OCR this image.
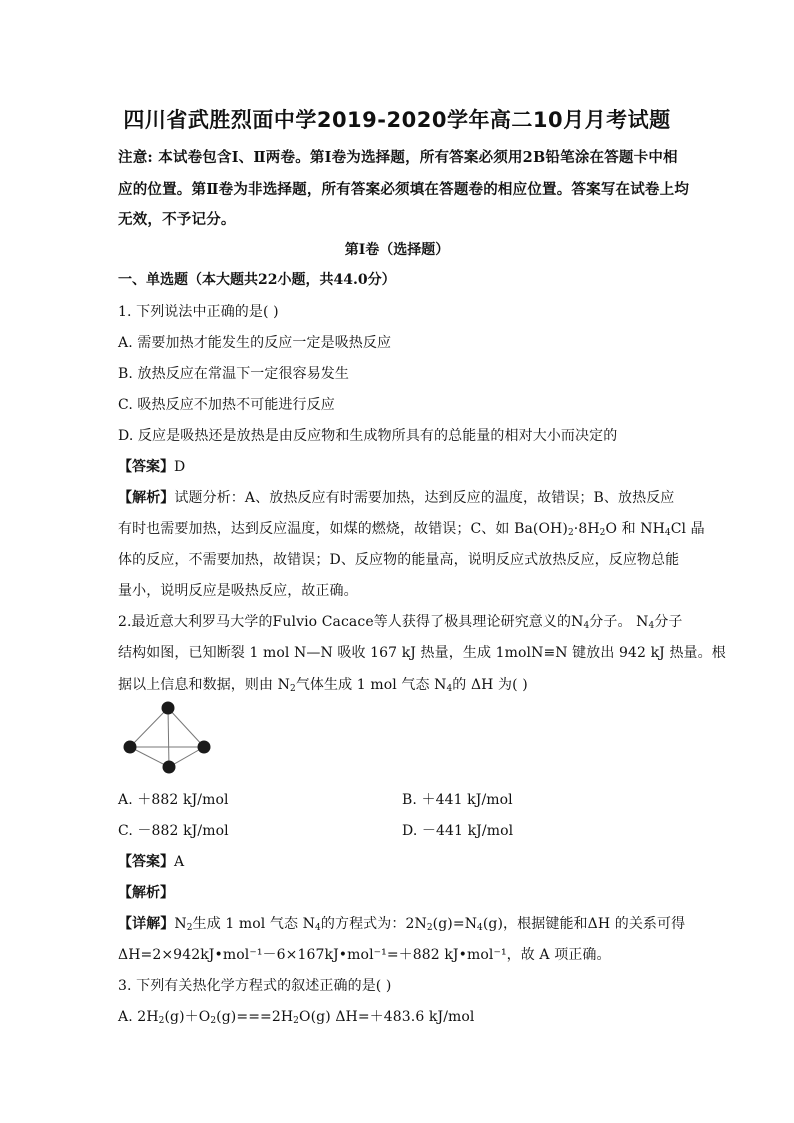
四川省武胜烈面中学2019-2020学年高二10月月考试题
注意: 本试卷包含Ⅰ、Ⅱ两卷。第Ⅰ卷为选择题，所有答案必须用2B铅笔涂在答题卡中相
应的位置。第Ⅱ卷为非选择题，所有答案必须填在答题卷的相应位置。答案写在试卷上均
无效，不予记分。
第Ⅰ卷（选择题）
一、单选题（本大题共22小题，共44.0分）
1. 下列说法中正确的是( )
A. 需要加热才能发生的反应一定是吸热反应
B. 放热反应在常温下一定很容易发生
C. 吸热反应不加热不可能进行反应
D. 反应是吸热还是放热是由反应物和生成物所具有的总能量的相对大小而决定的
【答案】D
【解析】试题分析：A、放热反应有时需要加热，达到反应的温度，故错误；B、放热反应
有时也需要加热，达到反应温度，如煤的燃烧，故错误；C、如 $Ba(OH)_2\cdot 8H_2O$ 和 $NH_4Cl$ 晶
体的反应，不需要加热，故错误；D、反应物的能量高，说明反应式放热反应，反应物总能
量小，说明反应是吸热反应，故正确。
2.最近意大利罗马大学的Fulvio Cacace等人获得了极具理论研究意义的$N_4$分子。 $N_4$分子
结构如图，已知断裂 1 mol N—N 吸收 167 kJ 热量，生成 1molN≡N 键放出 942 kJ 热量。根
据以上信息和数据，则由 $N_2$气体生成 1 mol 气态 $N_4$的 ΔH 为( )
A. ＋882 kJ/mol	B. ＋441 kJ/mol
C. －882 kJ/mol	D. －441 kJ/mol
【答案】A
【解析】
【详解】$N_2$生成 1 mol 气态 $N_4$的方程式为：$2N_2(g)=N_4(g)$，根据键能和ΔH 的关系可得
ΔH=2×942kJ•mol⁻¹－6×167kJ•mol⁻¹=＋882 kJ•mol⁻¹，故 A 项正确。
3. 下列有关热化学方程式的叙述正确的是( )
A. $2H_2(g)+O_2(g)===2H_2O(g)$ ΔH=＋483.6 kJ/mol
